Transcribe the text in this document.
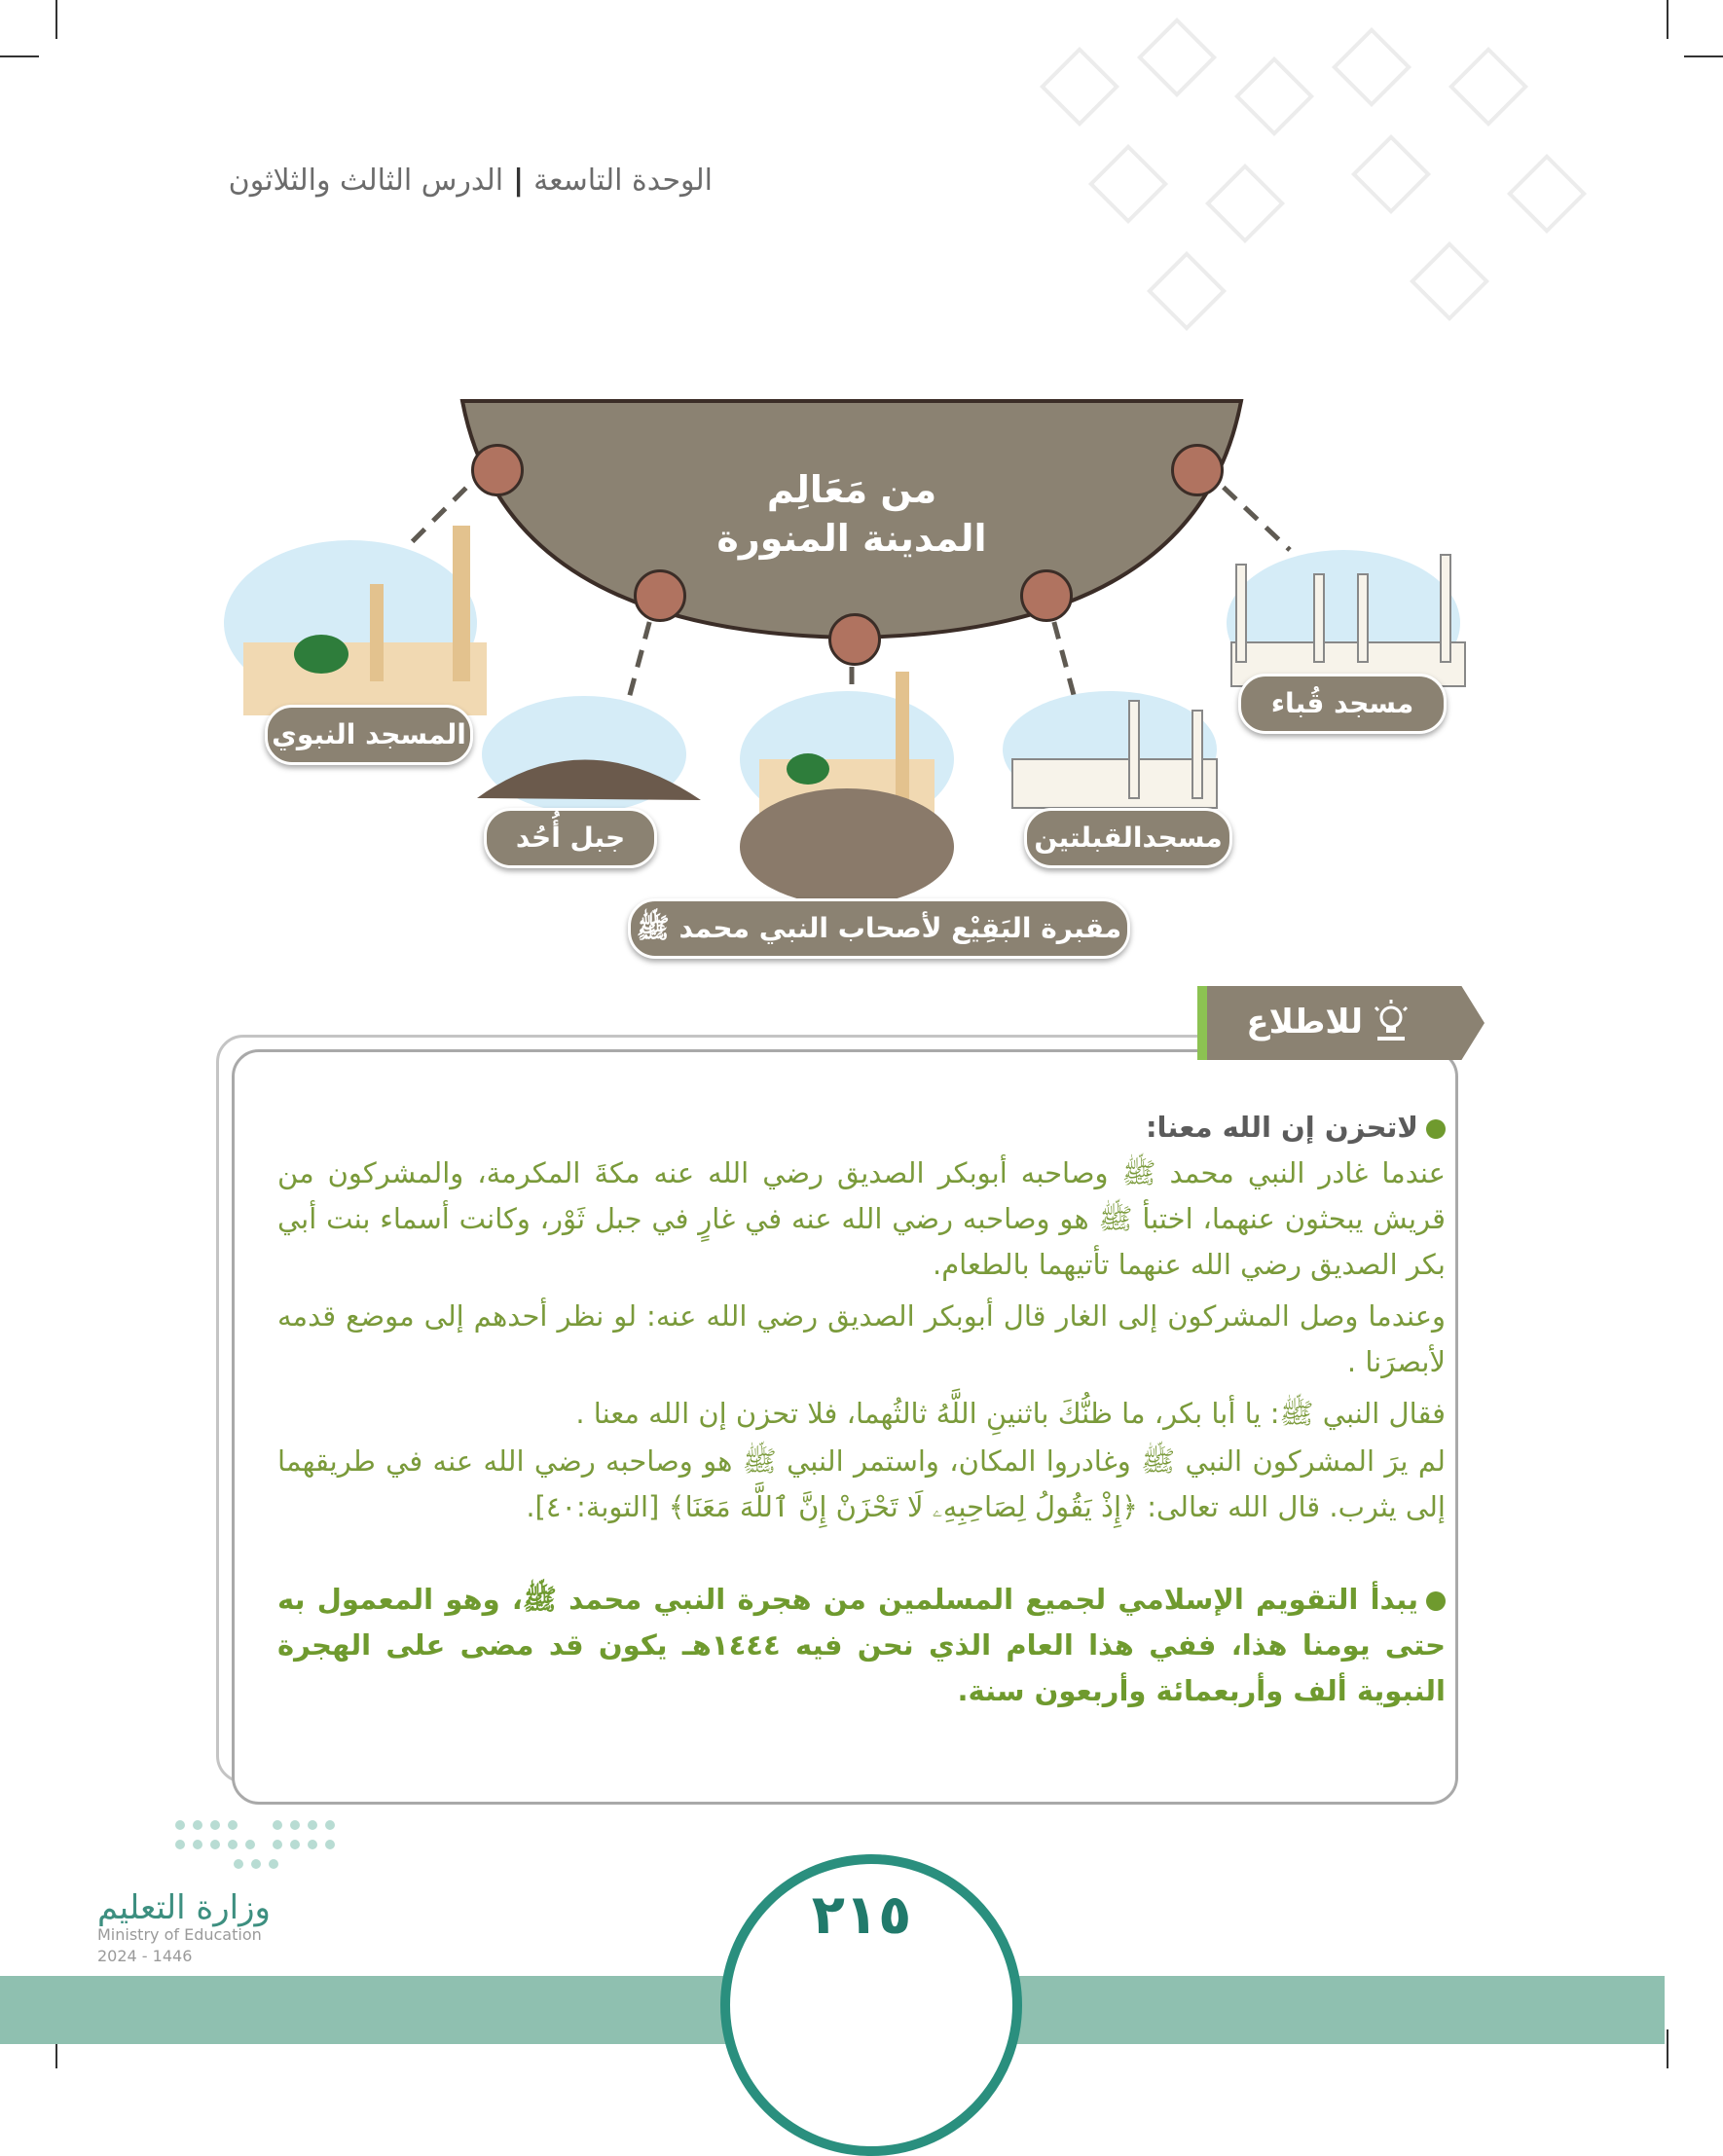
الوحدة التاسعة|الدرس الثالث والثلاثون
من مَعَالِم
المدينة المنورة
مسجد قُباء
المسجد النبوي
جبل أُحُد	مسجدالقبلتين
مقبرة البَقِيْع لأصحاب النبي محمد ﷺ
للاطلاع
لاتحزن إن الله معنا:
عندما غادر النبي محمد ﷺ وصاحبه أبوبكر الصديق رضي الله عنه مكةَ المكرمة، والمشركون من قريش يبحثون عنهما، اختبأ ﷺ هو وصاحبه رضي الله عنه في غارٍ في جبل ثَوْر، وكانت أسماء بنت أبي بكر الصديق رضي الله عنهما تأتيهما بالطعام.
وعندما وصل المشركون إلى الغار قال أبوبكر الصديق رضي الله عنه: لو نظر أحدهم إلى موضع قدمه لأبصرَنا .
فقال النبي ﷺ: يا أبا بكر، ما ظنُّكَ باثنينِ اللَّهُ ثالثُهما، فلا تحزن إن الله معنا .
لم يرَ المشركون النبي ﷺ وغادروا المكان، واستمر النبي ﷺ هو وصاحبه رضي الله عنه في طريقهما إلى يثرب. قال الله تعالى: ﴿إِذْ يَقُولُ لِصَاحِبِهِۦ لَا تَحْزَنْ إِنَّ ٱللَّهَ مَعَنَا﴾ [التوبة:٤٠].
يبدأ التقويم الإسلامي لجميع المسلمين من هجرة النبي محمد ﷺ، وهو المعمول به حتى يومنا هذا، ففي هذا العام الذي نحن فيه ١٤٤٤هـ يكون قد مضى على الهجرة النبوية ألف وأربعمائة وأربعون سنة.
٢١٥
وزارة التعليم
Ministry of Education
2024 - 1446
